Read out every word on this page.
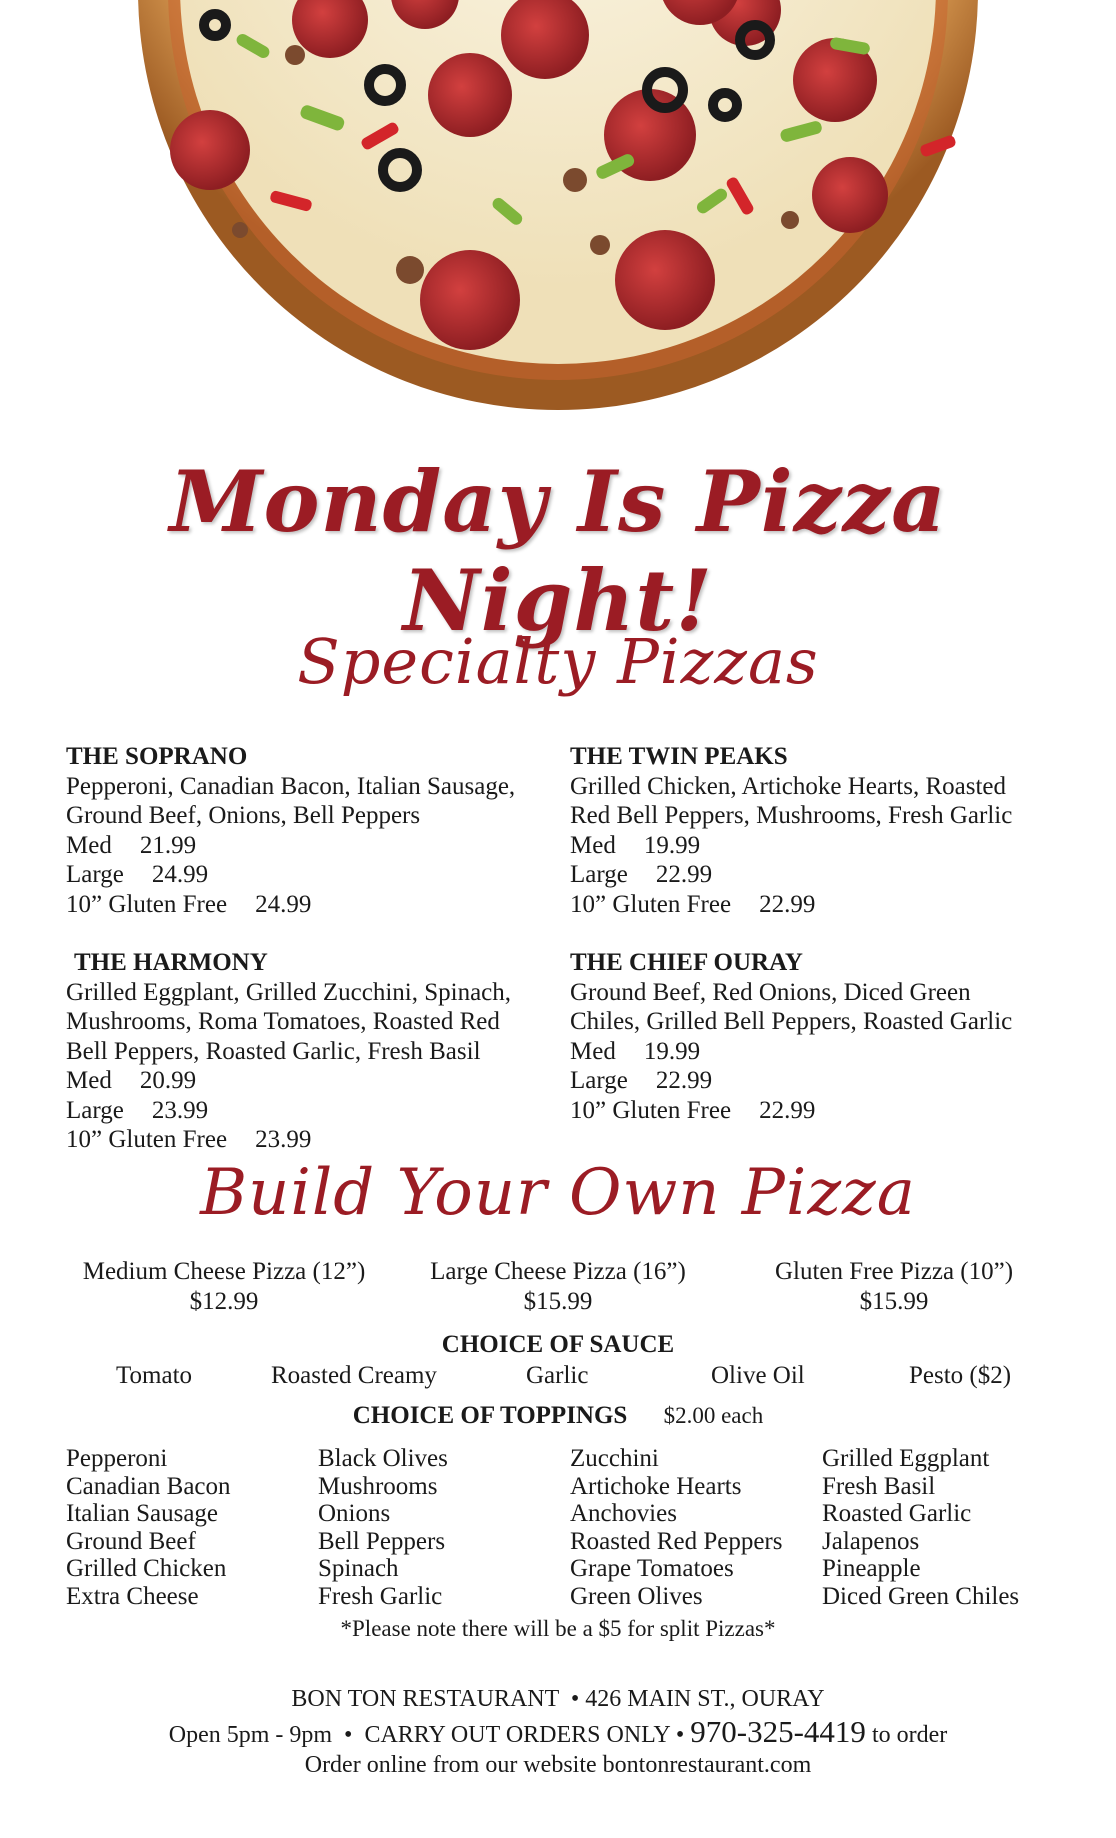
Monday Is Pizza Night!
Specialty Pizzas
THE SOPRANO
Pepperoni, Canadian Bacon, Italian Sausage,
Ground Beef, Onions, Bell Peppers
Med 21.99
Large 24.99
10” Gluten Free 24.99
THE TWIN PEAKS
Grilled Chicken, Artichoke Hearts, Roasted
Red Bell Peppers, Mushrooms, Fresh Garlic
Med 19.99
Large 22.99
10” Gluten Free 22.99
THE HARMONY
Grilled Eggplant, Grilled Zucchini, Spinach,
Mushrooms, Roma Tomatoes, Roasted Red
Bell Peppers, Roasted Garlic, Fresh Basil
Med 20.99
Large 23.99
10” Gluten Free 23.99
THE CHIEF OURAY
Ground Beef, Red Onions, Diced Green
Chiles, Grilled Bell Peppers, Roasted Garlic
Med 19.99
Large 22.99
10” Gluten Free 22.99
Build Your Own Pizza
Medium Cheese Pizza (12”)
$12.99
Large Cheese Pizza (16”)
$15.99
Gluten Free Pizza (10”)
$15.99
CHOICE OF SAUCE
Tomato	Roasted Creamy	Garlic	Olive Oil	Pesto ($2)
CHOICE OF TOPPINGS $2.00 each
Pepperoni
Canadian Bacon
Italian Sausage
Ground Beef
Grilled Chicken
Extra Cheese
Black Olives
Mushrooms
Onions
Bell Peppers
Spinach
Fresh Garlic
Zucchini
Artichoke Hearts
Anchovies
Roasted Red Peppers
Grape Tomatoes
Green Olives
Grilled Eggplant
Fresh Basil
Roasted Garlic
Jalapenos
Pineapple
Diced Green Chiles
*Please note there will be a $5 for split Pizzas*
BON TON RESTAURANT  • 426 MAIN ST., OURAY
Open 5pm - 9pm  •  CARRY OUT ORDERS ONLY • 970-325-4419 to order
Order online from our website bontonrestaurant.com
